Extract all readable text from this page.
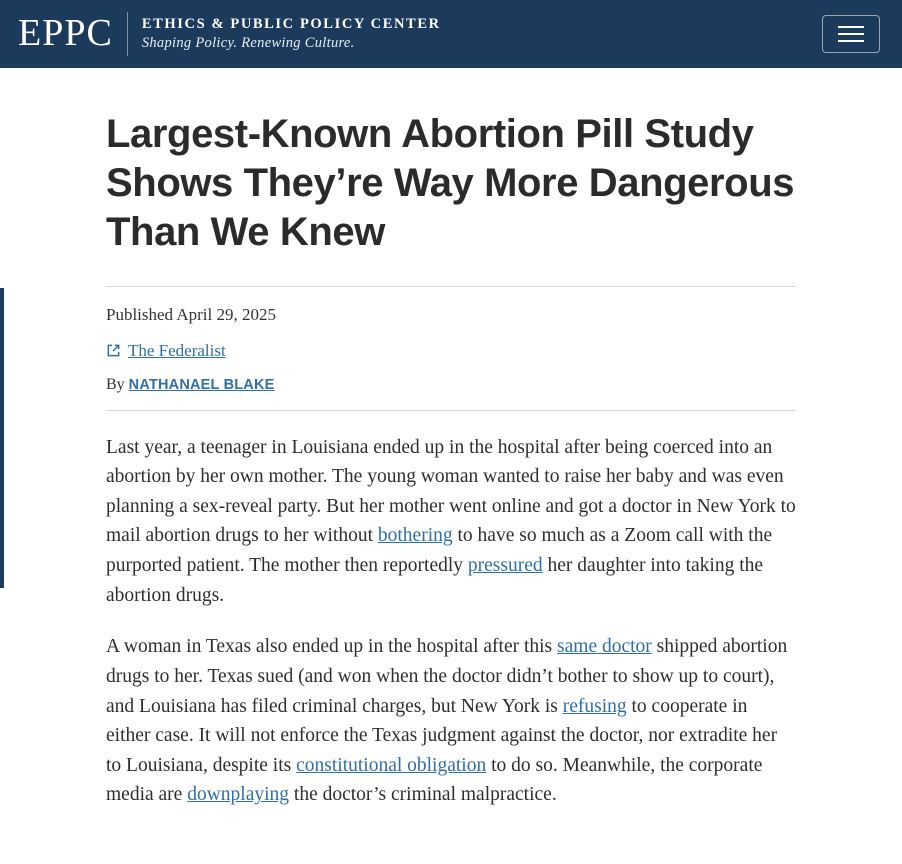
EPPC ETHICS & PUBLIC POLICY CENTER
Shaping Policy. Renewing Culture.
Largest-Known Abortion Pill Study Shows They’re Way More Dangerous Than We Knew

Published April 29, 2025

The Federalist

By NATHANAEL BLAKE

Last year, a teenager in Louisiana ended up in the hospital after being coerced into an abortion by her own mother. The young woman wanted to raise her baby and was even planning a sex-reveal party. But her mother went online and got a doctor in New York to mail abortion drugs to her without bothering to have so much as a Zoom call with the purported patient. The mother then reportedly pressured her daughter into taking the abortion drugs.

A woman in Texas also ended up in the hospital after this same doctor shipped abortion drugs to her. Texas sued (and won when the doctor didn’t bother to show up to court), and Louisiana has filed criminal charges, but New York is refusing to cooperate in either case. It will not enforce the Texas judgment against the doctor, nor extradite her to Louisiana, despite its constitutional obligation to do so. Meanwhile, the corporate media are downplaying the doctor’s criminal malpractice.
